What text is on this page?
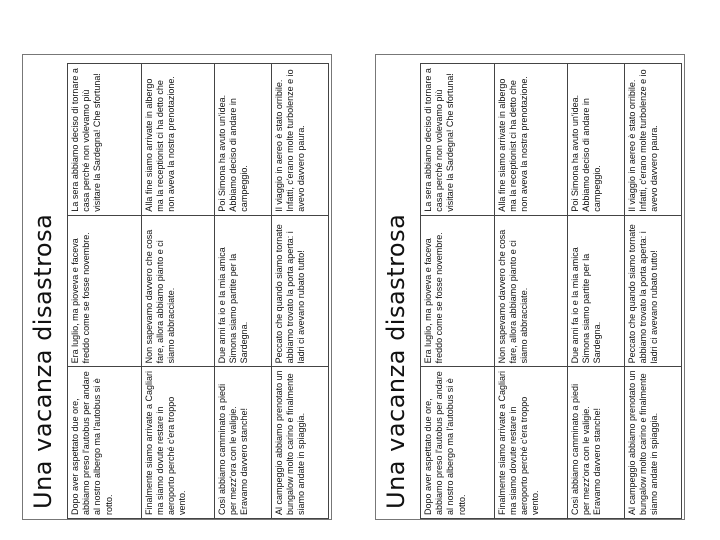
Una vacanza disastrosa	Dopo aver aspettato due ore, abbiamo preso l'autobus per andare al nostro albergo ma l'autobus si è rotto.	Era luglio, ma pioveva e faceva freddo come se fosse novembre.	La sera abbiamo deciso di tornare a casa perché non volevamo più visitare la Sardegna! Che sfortuna!
Finalmente siamo arrivate a Cagliari ma siamo dovute restare in aeroporto perché c'era troppo vento.	Non sapevamo davvero che cosa fare, allora abbiamo pianto e ci siamo abbracciate.	Alla fine siamo arrivate in albergo ma la receptionist ci ha detto che non aveva la nostra prenotazione.
Così abbiamo camminato a piedi per mezz'ora con le valigie. Eravamo davvero stanche!	Due anni fa io e la mia amica Simona siamo partite per la Sardegna.	Poi Simona ha avuto un'idea. Abbiamo deciso di andare in campeggio.
Al campeggio abbiamo prenotato un bungalow molto carino e finalmente siamo andate in spiaggia.	Peccato che quando siamo tornate abbiamo trovato la porta aperta: i ladri ci avevano rubato tutto!	Il viaggio in aereo è stato orribile. Infatti, c'erano molte turbolenze e io avevo davvero paura.
Una vacanza disastrosa	Dopo aver aspettato due ore, abbiamo preso l'autobus per andare al nostro albergo ma l'autobus si è rotto.	Era luglio, ma pioveva e faceva freddo come se fosse novembre.	La sera abbiamo deciso di tornare a casa perché non volevamo più visitare la Sardegna! Che sfortuna!
Finalmente siamo arrivate a Cagliari ma siamo dovute restare in aeroporto perché c'era troppo vento.	Non sapevamo davvero che cosa fare, allora abbiamo pianto e ci siamo abbracciate.	Alla fine siamo arrivate in albergo ma la receptionist ci ha detto che non aveva la nostra prenotazione.
Così abbiamo camminato a piedi per mezz'ora con le valigie. Eravamo davvero stanche!	Due anni fa io e la mia amica Simona siamo partite per la Sardegna.	Poi Simona ha avuto un'idea. Abbiamo deciso di andare in campeggio.
Al campeggio abbiamo prenotato un bungalow molto carino e finalmente siamo andate in spiaggia.	Peccato che quando siamo tornate abbiamo trovato la porta aperta: i ladri ci avevano rubato tutto!	Il viaggio in aereo è stato orribile. Infatti, c'erano molte turbolenze e io avevo davvero paura.
